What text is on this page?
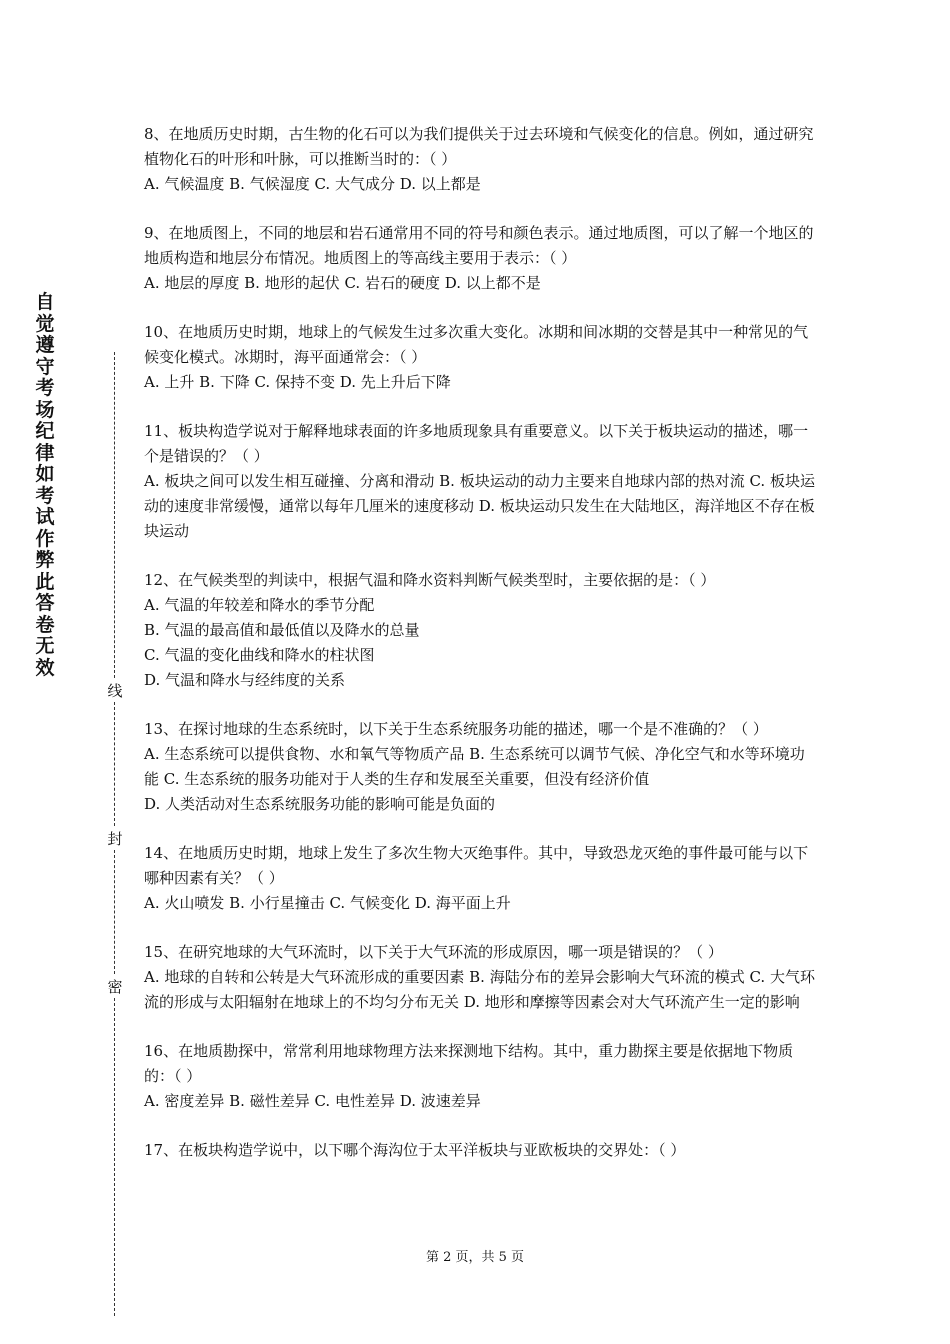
自觉遵守考场纪律如考试作弊此答卷无效
线
封
密

8、在地质历史时期，古生物的化石可以为我们提供关于过去环境和气候变化的信息。例如，通过研究植物化石的叶形和叶脉，可以推断当时的：（ ）

A. 气候温度 B. 气候湿度 C. 大气成分 D. 以上都是

9、在地质图上，不同的地层和岩石通常用不同的符号和颜色表示。通过地质图，可以了解一个地区的地质构造和地层分布情况。地质图上的等高线主要用于表示：（ ）

A. 地层的厚度 B. 地形的起伏 C. 岩石的硬度 D. 以上都不是

10、在地质历史时期，地球上的气候发生过多次重大变化。冰期和间冰期的交替是其中一种常见的气候变化模式。冰期时，海平面通常会：（ ）

A. 上升 B. 下降 C. 保持不变 D. 先上升后下降

11、板块构造学说对于解释地球表面的许多地质现象具有重要意义。以下关于板块运动的描述，哪一个是错误的？（ ）

A. 板块之间可以发生相互碰撞、分离和滑动 B. 板块运动的动力主要来自地球内部的热对流 C. 板块运动的速度非常缓慢，通常以每年几厘米的速度移动 D. 板块运动只发生在大陆地区，海洋地区不存在板块运动

12、在气候类型的判读中，根据气温和降水资料判断气候类型时，主要依据的是：（ ）

A. 气温的年较差和降水的季节分配

B. 气温的最高值和最低值以及降水的总量

C. 气温的变化曲线和降水的柱状图

D. 气温和降水与经纬度的关系

13、在探讨地球的生态系统时，以下关于生态系统服务功能的描述，哪一个是不准确的？（ ）

A. 生态系统可以提供食物、水和氧气等物质产品 B. 生态系统可以调节气候、净化空气和水等环境功能 C. 生态系统的服务功能对于人类的生存和发展至关重要，但没有经济价值

D. 人类活动对生态系统服务功能的影响可能是负面的

14、在地质历史时期，地球上发生了多次生物大灭绝事件。其中，导致恐龙灭绝的事件最可能与以下哪种因素有关？（ ）

A. 火山喷发 B. 小行星撞击 C. 气候变化 D. 海平面上升

15、在研究地球的大气环流时，以下关于大气环流的形成原因，哪一项是错误的？（ ）

A. 地球的自转和公转是大气环流形成的重要因素 B. 海陆分布的差异会影响大气环流的模式 C. 大气环流的形成与太阳辐射在地球上的不均匀分布无关 D. 地形和摩擦等因素会对大气环流产生一定的影响

16、在地质勘探中，常常利用地球物理方法来探测地下结构。其中，重力勘探主要是依据地下物质的：（ ）

A. 密度差异 B. 磁性差异 C. 电性差异 D. 波速差异

17、在板块构造学说中，以下哪个海沟位于太平洋板块与亚欧板块的交界处：（ ）

第 2 页，共 5 页
